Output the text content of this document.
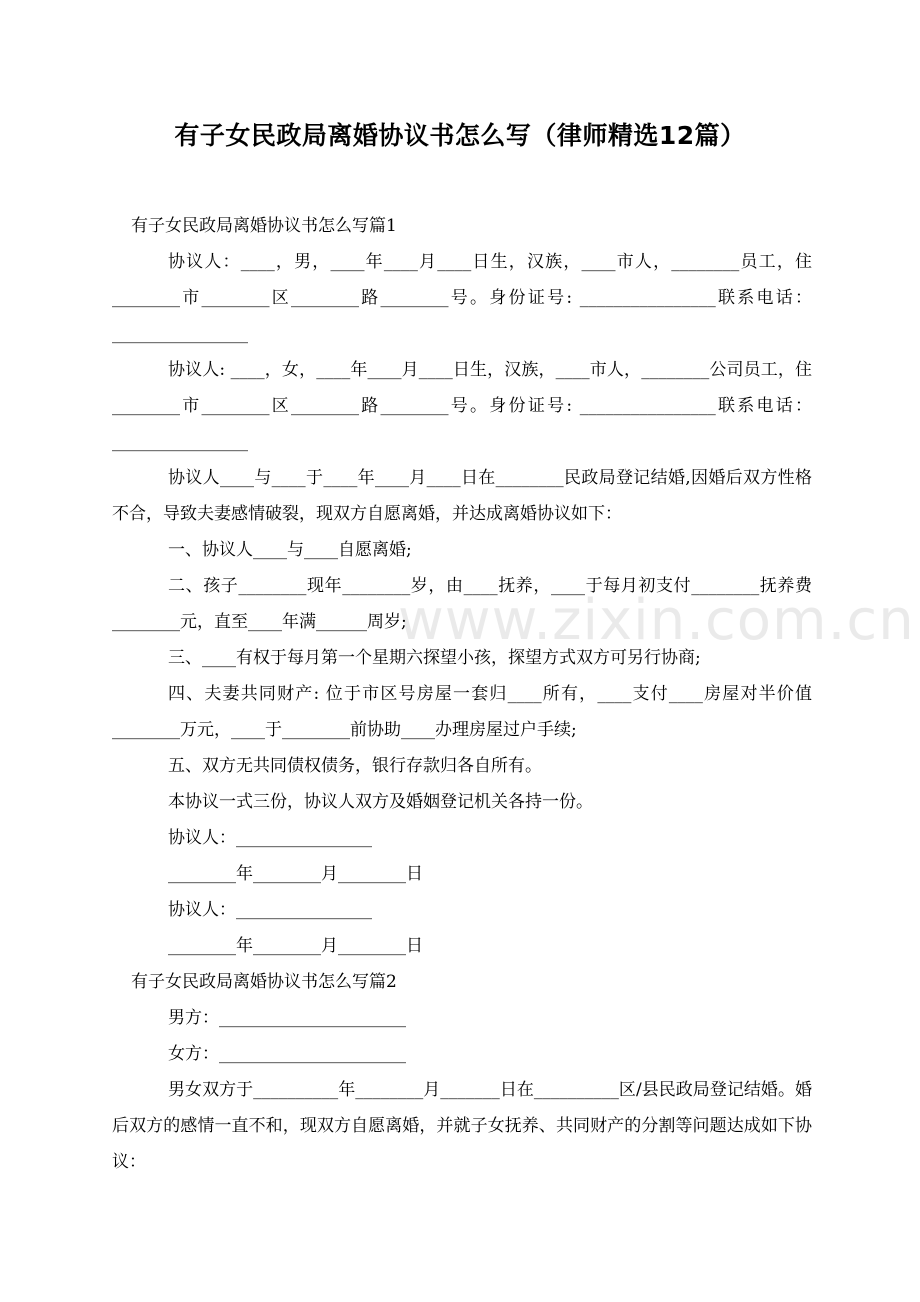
有子女民政局离婚协议书怎么写（律师精选12篇）
www.zixin.com.cn

有子女民政局离婚协议书怎么写篇1

协议人：____，男，____年____月____日生，汉族，____市人，________员工，住________市________区________路________号。身份证号: ________________联系电话：________________

协议人: ____，女，____年____月____日生，汉族，____市人，________公司员工，住________市________区________路________号。身份证号: ________________联系电话：________________

协议人____与____于____年____月____日在________民政局登记结婚,因婚后双方性格不合，导致夫妻感情破裂，现双方自愿离婚，并达成离婚协议如下：

一、协议人____与____自愿离婚;

二、孩子________现年________岁，由____抚养，____于每月初支付________抚养费________元，直至____年满______周岁;

三、____有权于每月第一个星期六探望小孩，探望方式双方可另行协商;

四、夫妻共同财产: 位于市区号房屋一套归____所有，____支付____房屋对半价值________万元，____于________前协助____办理房屋过户手续;

五、双方无共同债权债务，银行存款归各自所有。

本协议一式三份，协议人双方及婚姻登记机关各持一份。

协议人：________________

________年________月________日

协议人：________________

________年________月________日

有子女民政局离婚协议书怎么写篇2

男方：______________________

女方：______________________

男女双方于__________年________月_______日在__________区/县民政局登记结婚。婚后双方的感情一直不和，现双方自愿离婚，并就子女抚养、共同财产的分割等问题达成如下协议：
